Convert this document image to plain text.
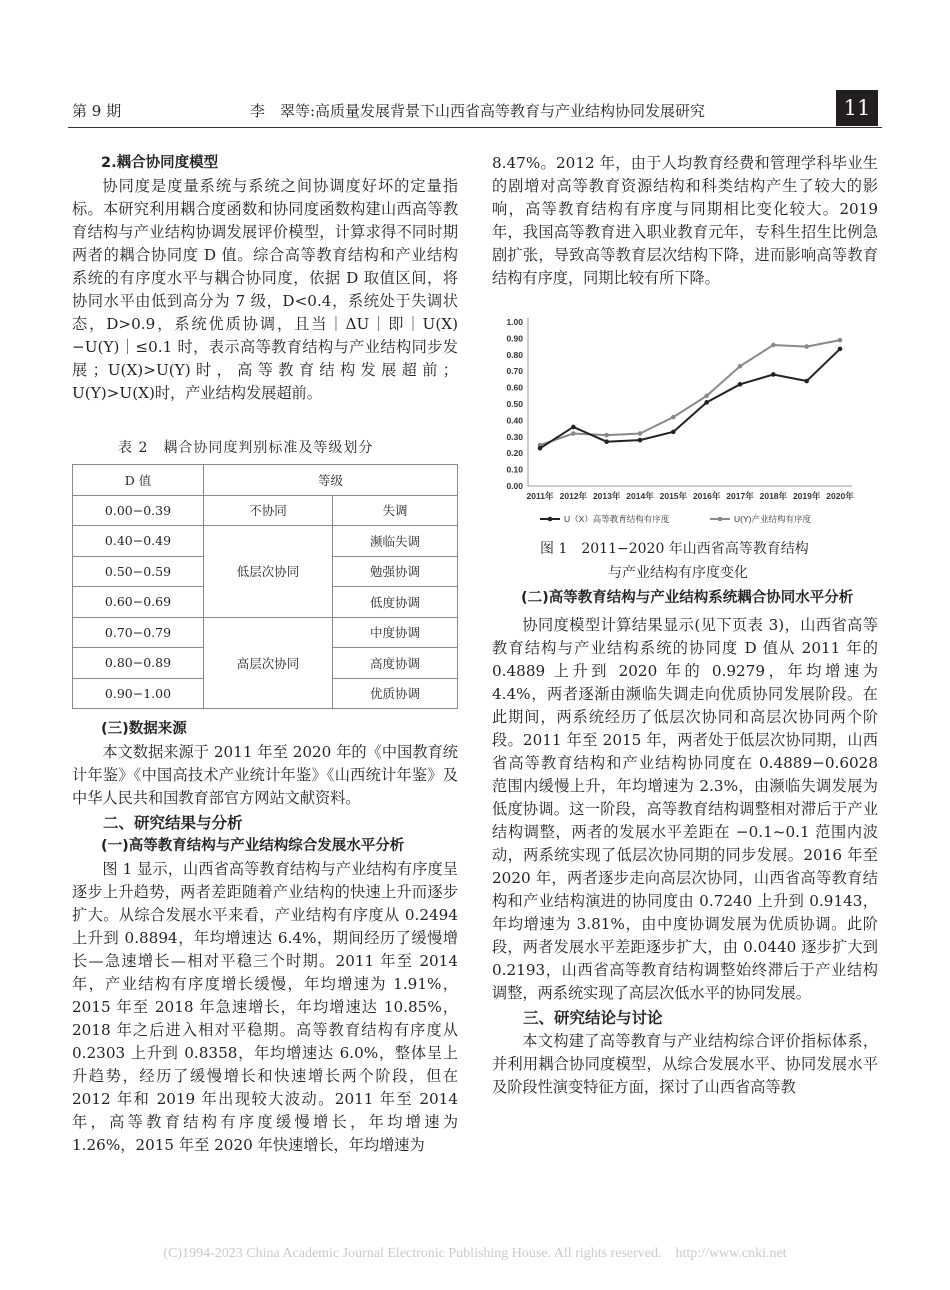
第 9 期	李　翠等:高质量发展背景下山西省高等教育与产业结构协同发展研究	11

2.耦合协同度模型

协同度是度量系统与系统之间协调度好坏的定量指标。本研究利用耦合度函数和协同度函数构建山西高等教育结构与产业结构协调发展评价模型，计算求得不同时期两者的耦合协同度 D 值。综合高等教育结构和产业结构系统的有序度水平与耦合协同度，依据 D 取值区间，将协同水平由低到高分为 7 级，D<0.4，系统处于失调状态，D>0.9，系统优质协调，且当｜ΔU｜即｜U(X)−U(Y)｜≤0.1 时，表示高等教育结构与产业结构同步发展；U(X)>U(Y)时，高等教育结构发展超前；U(Y)>U(X)时，产业结构发展超前。

表 2　耦合协同度判别标准及等级划分
D 值	等级	
0.00−0.39	不协同	失调
0.40−0.49	低层次协同	濒临失调
0.50−0.59		勉强协调
0.60−0.69		低度协调
0.70−0.79	高层次协同	中度协调
0.80−0.89		高度协调
0.90−1.00		优质协调

(三)数据来源

本文数据来源于 2011 年至 2020 年的《中国教育统计年鉴》《中国高技术产业统计年鉴》《山西统计年鉴》及中华人民共和国教育部官方网站文献资料。

二、研究结果与分析

(一)高等教育结构与产业结构综合发展水平分析

图 1 显示，山西省高等教育结构与产业结构有序度呈逐步上升趋势，两者差距随着产业结构的快速上升而逐步扩大。从综合发展水平来看，产业结构有序度从 0.2494 上升到 0.8894，年均增速达 6.4%，期间经历了缓慢增长—急速增长—相对平稳三个时期。2011 年至 2014 年，产业结构有序度增长缓慢，年均增速为 1.91%，2015 年至 2018 年急速增长，年均增速达 10.85%，2018 年之后进入相对平稳期。高等教育结构有序度从 0.2303 上升到 0.8358，年均增速达 6.0%，整体呈上升趋势，经历了缓慢增长和快速增长两个阶段，但在 2012 年和 2019 年出现较大波动。2011 年至 2014 年，高等教育结构有序度缓慢增长，年均增速为 1.26%，2015 年至 2020 年快速增长，年均增速为

8.47%。2012 年，由于人均教育经费和管理学科毕业生的剧增对高等教育资源结构和科类结构产生了较大的影响，高等教育结构有序度与同期相比变化较大。2019 年，我国高等教育进入职业教育元年，专科生招生比例急剧扩张，导致高等教育层次结构下降，进而影响高等教育结构有序度，同期比较有所下降。

0.00
0.10
0.20
0.30
0.40
0.50
0.60
0.70
0.80
0.90
1.00
2011年 2012年 2013年 2014年 2015年 2016年 2017年 2018年 2019年 2020年
U（X）高等教育结构有序度	U(Y)产业结构有序度
图 1　2011−2020 年山西省高等教育结构
与产业结构有序度变化

(二)高等教育结构与产业结构系统耦合协同水平分析

协同度模型计算结果显示(见下页表 3)，山西省高等教育结构与产业结构系统的协同度 D 值从 2011 年的 0.4889 上升到 2020 年的 0.9279，年均增速为 4.4%，两者逐渐由濒临失调走向优质协同发展阶段。在此期间，两系统经历了低层次协同和高层次协同两个阶段。2011 年至 2015 年，两者处于低层次协同期，山西省高等教育结构和产业结构协同度在 0.4889−0.6028 范围内缓慢上升，年均增速为 2.3%，由濒临失调发展为低度协调。这一阶段，高等教育结构调整相对滞后于产业结构调整，两者的发展水平差距在 −0.1~0.1 范围内波动，两系统实现了低层次协同期的同步发展。2016 年至 2020 年，两者逐步走向高层次协同，山西省高等教育结构和产业结构演进的协同度由 0.7240 上升到 0.9143，年均增速为 3.81%，由中度协调发展为优质协调。此阶段，两者发展水平差距逐步扩大，由 0.0440 逐步扩大到 0.2193，山西省高等教育结构调整始终滞后于产业结构调整，两系统实现了高层次低水平的协同发展。

三、研究结论与讨论

本文构建了高等教育与产业结构综合评价指标体系，并利用耦合协同度模型，从综合发展水平、协同发展水平及阶段性演变特征方面，探讨了山西省高等教

(C)1994-2023 China Academic Journal Electronic Publishing House. All rights reserved.　http://www.cnki.net
